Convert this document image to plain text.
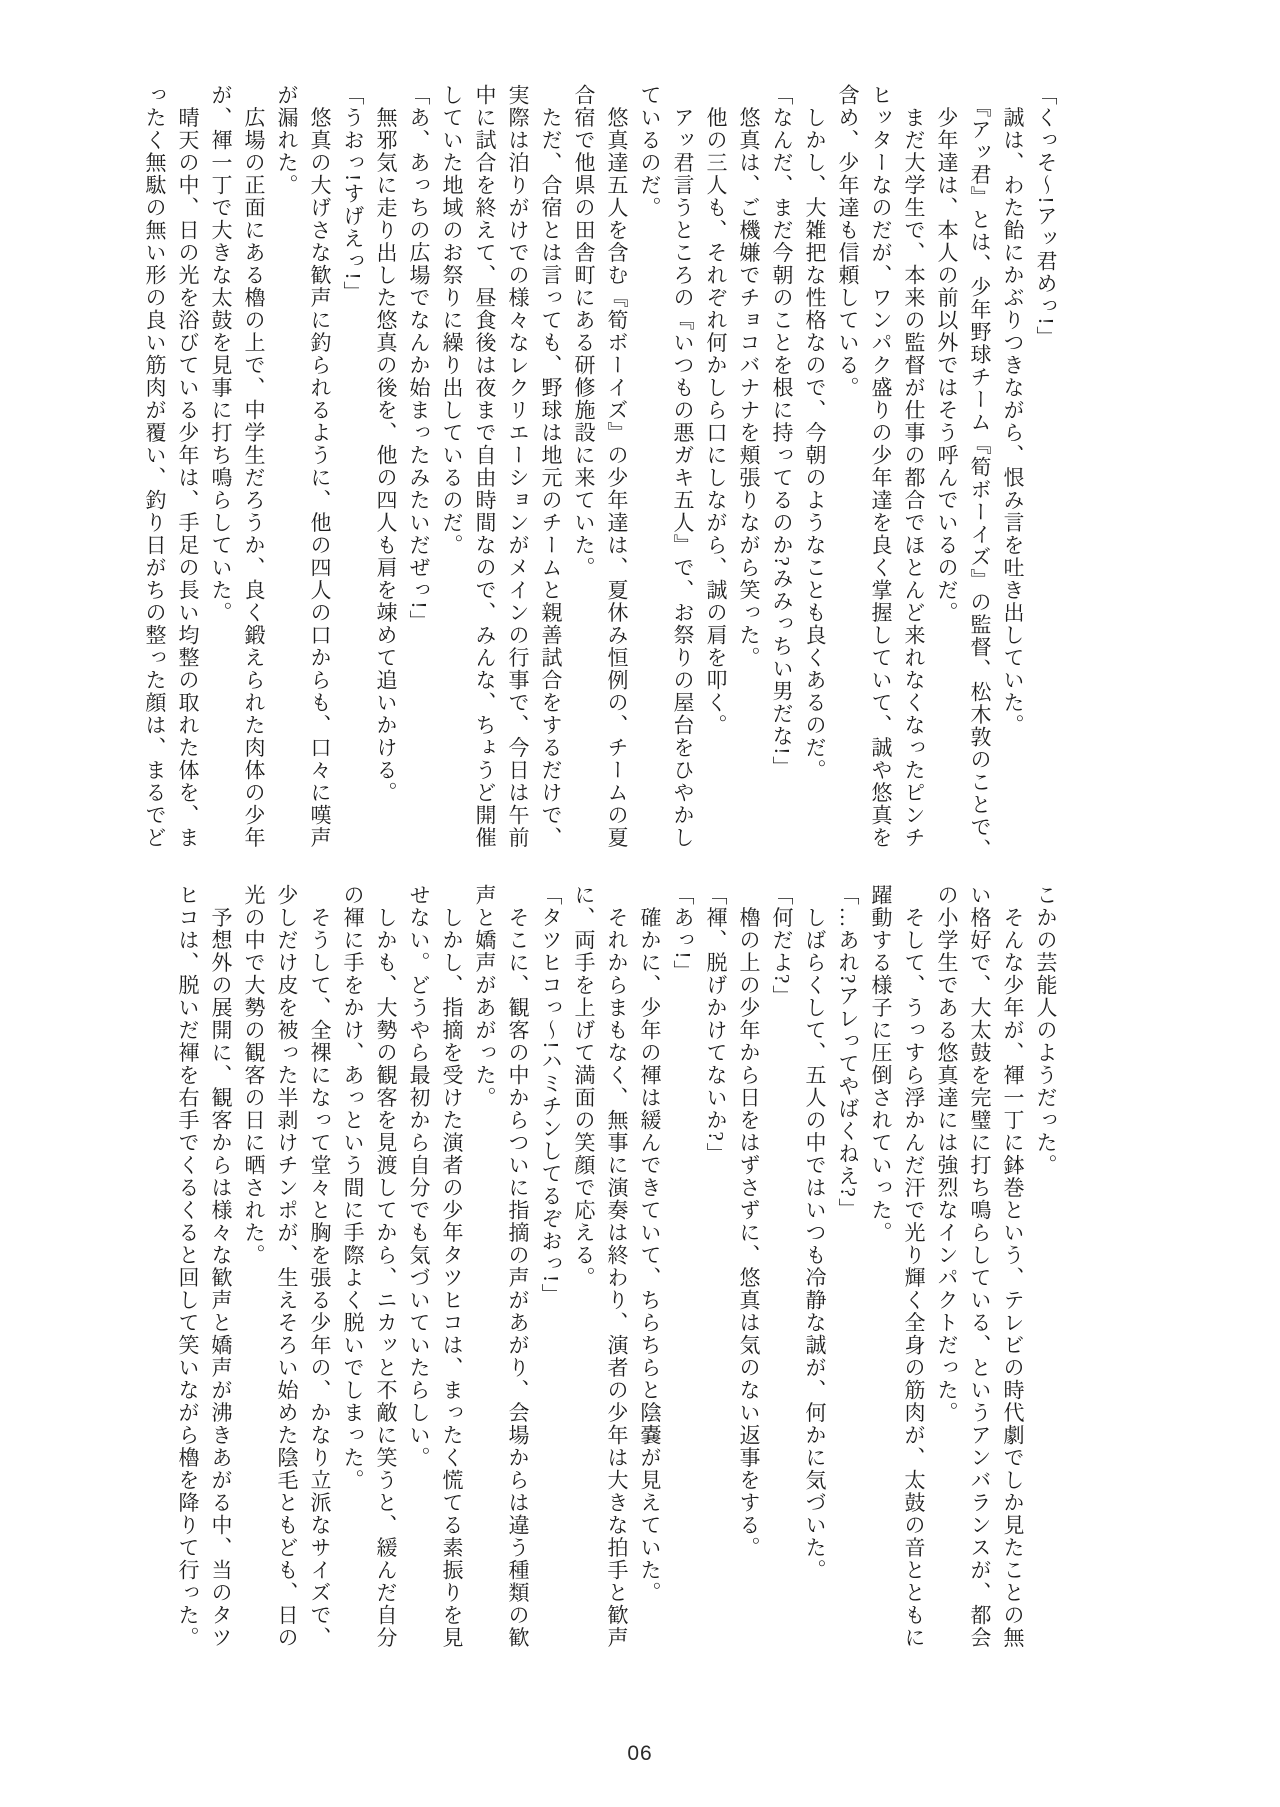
「くっそ〜!アッ君めっ!」

　誠は、わた飴にかぶりつきながら、恨み言を吐き出していた。

　『アッ君』とは、少年野球チーム『筍ボーイズ』の監督、松木敦のことで、

　少年達は、本人の前以外ではそう呼んでいるのだ。

　まだ大学生で、本来の監督が仕事の都合でほとんど来れなくなったピンチ

ヒッターなのだが、ワンパク盛りの少年達を良く掌握していて、誠や悠真を

含め、少年達も信頼している。

　しかし、大雑把な性格なので、今朝のようなことも良くあるのだ。

「なんだ、まだ今朝のことを根に持ってるのか?みみっちい男だな!」

　悠真は、ご機嫌でチョコバナナを頬張りながら笑った。

　他の三人も、それぞれ何かしら口にしながら、誠の肩を叩く。

　アッ君言うところの『いつもの悪ガキ五人』で、お祭りの屋台をひやかし

ているのだ。

　悠真達五人を含む『筍ボーイズ』の少年達は、夏休み恒例の、チームの夏

合宿で他県の田舎町にある研修施設に来ていた。

　ただ、合宿とは言っても、野球は地元のチームと親善試合をするだけで、

実際は泊りがけでの様々なレクリエーションがメインの行事で、今日は午前

中に試合を終えて、昼食後は夜まで自由時間なので、みんな、ちょうど開催

していた地域のお祭りに繰り出しているのだ。

「あ、あっちの広場でなんか始まったみたいだぜっ!」

　無邪気に走り出した悠真の後を、他の四人も肩を竦めて追いかける。

「うおっ!すげえっ!」

　悠真の大げさな歓声に釣られるように、他の四人の口からも、口々に嘆声

が漏れた。

　広場の正面にある櫓の上で、中学生だろうか、良く鍛えられた肉体の少年

が、褌一丁で大きな太鼓を見事に打ち鳴らしていた。

　晴天の中、日の光を浴びている少年は、手足の長い均整の取れた体を、ま

ったく無駄の無い形の良い筋肉が覆い、釣り日がちの整った顔は、まるでど

こかの芸能人のようだった。

　そんな少年が、褌一丁に鉢巻という、テレビの時代劇でしか見たことの無

い格好で、大太鼓を完璧に打ち鳴らしている、というアンバランスが、都会

の小学生である悠真達には強烈なインパクトだった。

　そして、うっすら浮かんだ汗で光り輝く全身の筋肉が、太鼓の音とともに

躍動する様子に圧倒されていった。

「…あれ?アレってやばくねえ?」

　しばらくして、五人の中ではいつも冷静な誠が、何かに気づいた。

「何だよ?」

　櫓の上の少年から日をはずさずに、悠真は気のない返事をする。

「褌、脱げかけてないか?」

「あっ!」

　確かに、少年の褌は緩んできていて、ちらちらと陰嚢が見えていた。

　それからまもなく、無事に演奏は終わり、演者の少年は大きな拍手と歓声

に、両手を上げて満面の笑顔で応える。

「タツヒコっ〜!ハミチンしてるぞおっ!」

　そこに、観客の中からついに指摘の声があがり、会場からは違う種類の歓

声と嬌声があがった。

　しかし、指摘を受けた演者の少年タツヒコは、まったく慌てる素振りを見

せない。どうやら最初から自分でも気づいていたらしい。

　しかも、大勢の観客を見渡してから、ニカッと不敵に笑うと、緩んだ自分

の褌に手をかけ、あっという間に手際よく脱いでしまった。

　そうして、全裸になって堂々と胸を張る少年の、かなり立派なサイズで、

少しだけ皮を被った半剥けチンポが、生えそろい始めた陰毛ともども、日の

光の中で大勢の観客の日に晒された。

　予想外の展開に、観客からは様々な歓声と嬌声が沸きあがる中、当のタツ

ヒコは、脱いだ褌を右手でくるくると回して笑いながら櫓を降りて行った。

06
